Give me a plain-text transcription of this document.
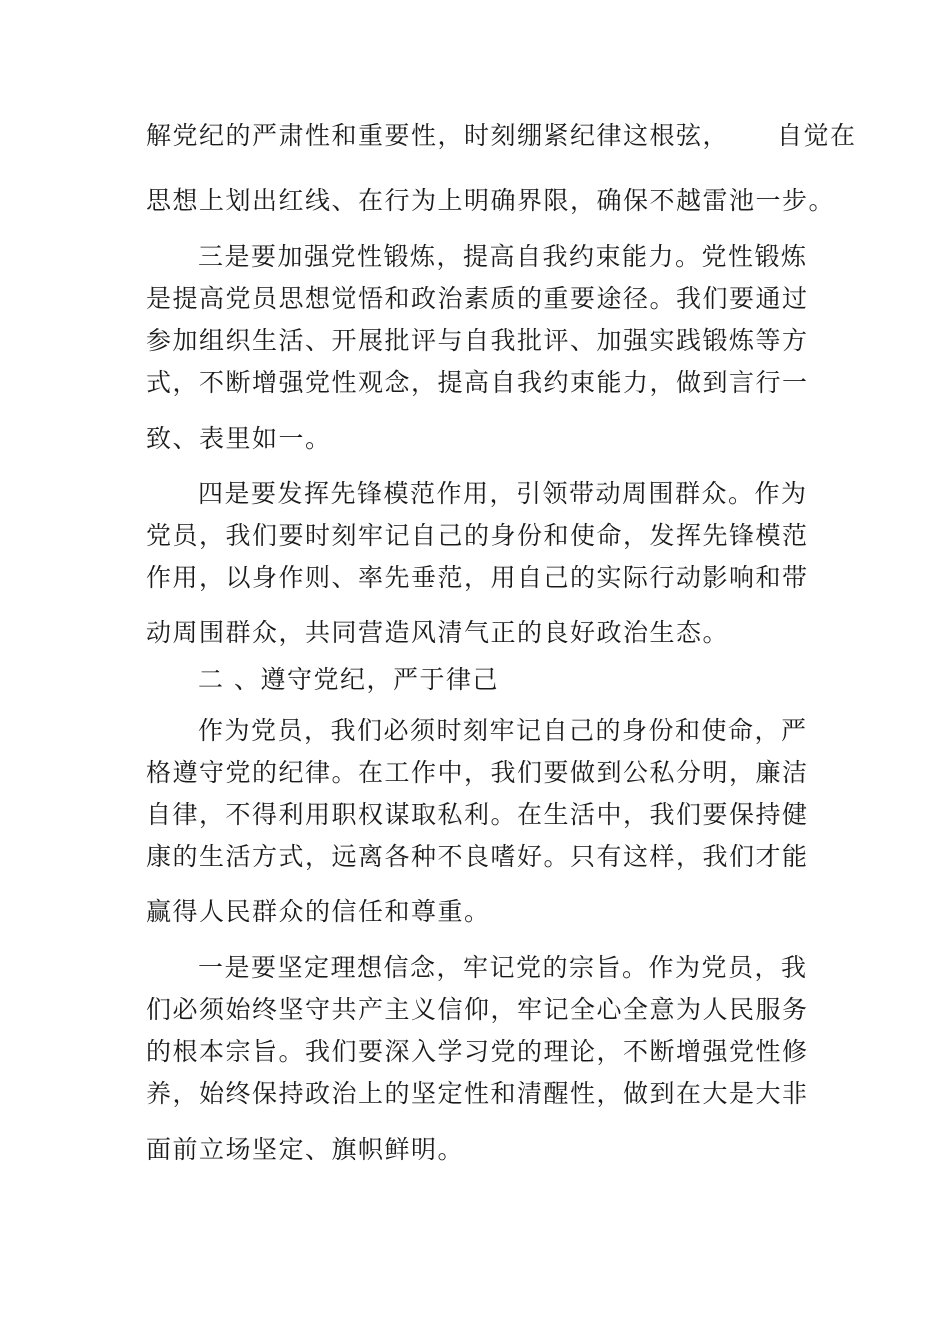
解党纪的严肃性和重要性，时刻绷紧纪律这根弦， 自觉在
思想上划出红线、在行为上明确界限，确保不越雷池一步。
三是要加强党性锻炼，提高自我约束能力。党性锻炼
是提高党员思想觉悟和政治素质的重要途径。我们要通过
参加组织生活、开展批评与自我批评、加强实践锻炼等方
式，不断增强党性观念，提高自我约束能力，做到言行一
致、表里如一。
四是要发挥先锋模范作用，引领带动周围群众。作为
党员，我们要时刻牢记自己的身份和使命，发挥先锋模范
作用，以身作则、率先垂范，用自己的实际行动影响和带
动周围群众，共同营造风清气正的良好政治生态。
二 、遵守党纪，严于律己
作为党员，我们必须时刻牢记自己的身份和使命，严
格遵守党的纪律。在工作中，我们要做到公私分明，廉洁
自律，不得利用职权谋取私利。在生活中，我们要保持健
康的生活方式，远离各种不良嗜好。只有这样，我们才能
赢得人民群众的信任和尊重。
一是要坚定理想信念，牢记党的宗旨。作为党员，我
们必须始终坚守共产主义信仰，牢记全心全意为人民服务
的根本宗旨。我们要深入学习党的理论，不断增强党性修
养，始终保持政治上的坚定性和清醒性，做到在大是大非
面前立场坚定、旗帜鲜明。
